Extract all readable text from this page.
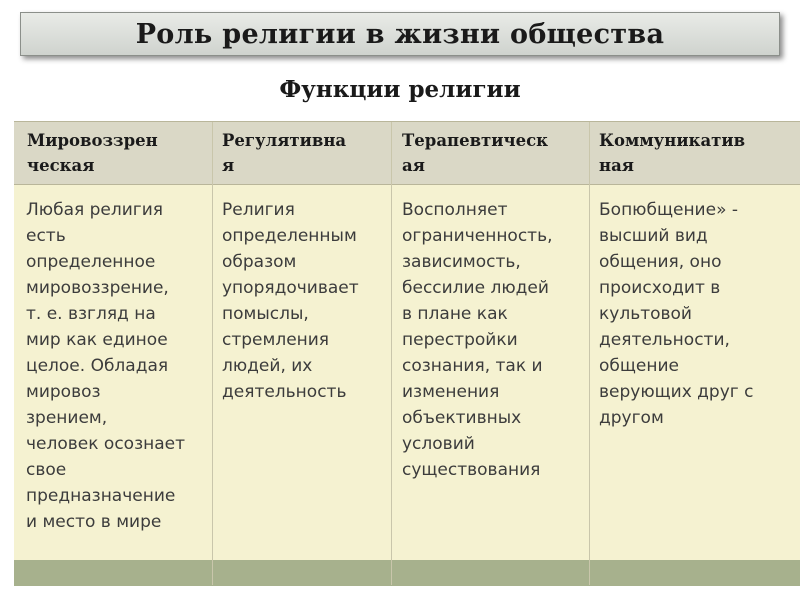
Роль религии в жизни общества
Функции религии
Мировоззрен
ческая
Любая религия
есть
определенное
мировоззрение,
т. е. взгляд на
мир как единое
целое. Обладая
мировоз
зрением,
человек осознает
свое
предназначение
и место в мире
Регулятивна
я
Религия
определенным
образом
упорядочивает
помыслы,
стремления
людей, их
деятельность
Терапевтическ
ая
Восполняет
ограниченность,
зависимость,
бессилие людей
в плане как
перестройки
сознания, так и
изменения
объективных
условий
существования
Коммуникатив
ная
Бопюбщение» -
высший вид
общения, оно
происходит в
культовой
деятельности,
общение
верующих друг с
другом
